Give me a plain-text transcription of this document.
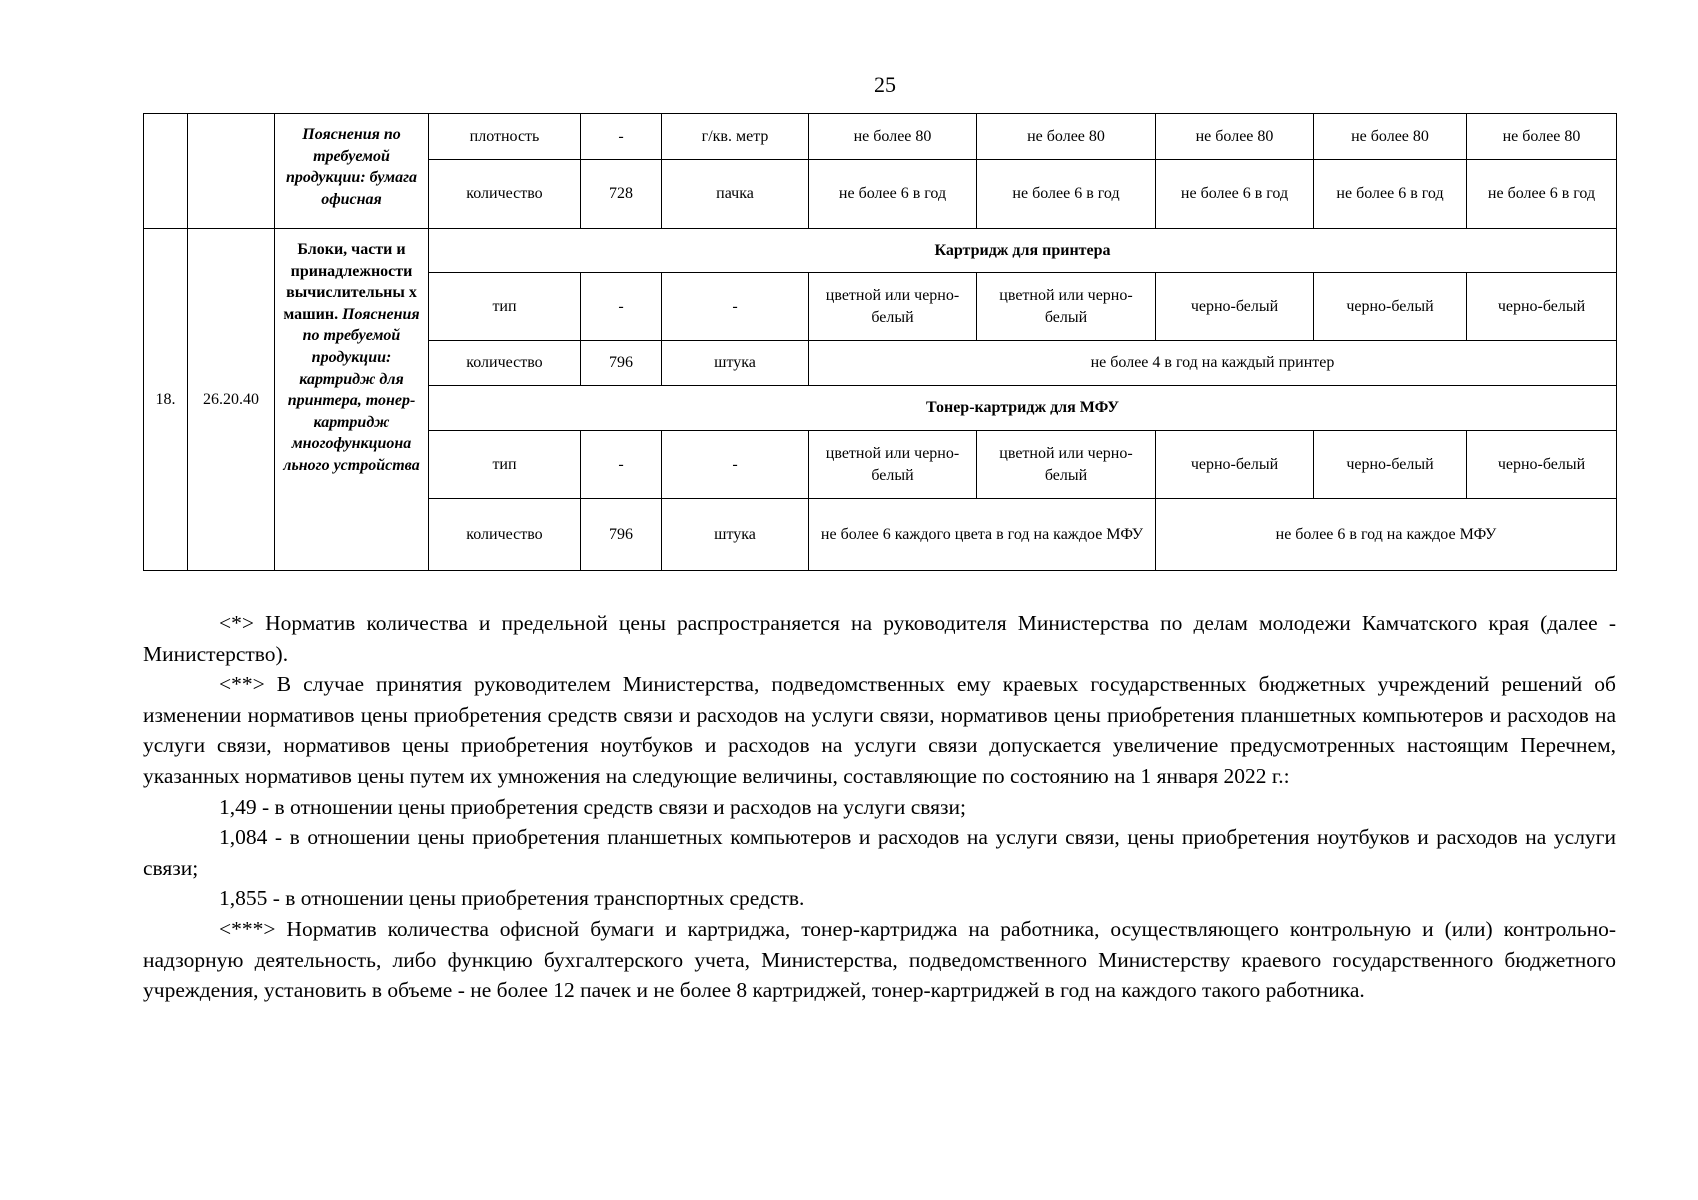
25
		Пояснения по требуемой продукции: бумага офисная	плотность	-	г/кв. метр	не более 80	не более 80	не более 80	не более 80	не более 80
			количество	728	пачка	не более 6 в год	не более 6 в год	не более 6 в год	не более 6 в год	не более 6 в год
18.	26.20.40	Блоки, части и принадлежности вычислительны х машин. Пояснения по требуемой продукции: картридж для принтера, тонер-картридж многофункциона льного устройства	Картридж для принтера							
			тип	-	-	цветной или черно-белый	цветной или черно-белый	черно-белый	черно-белый	черно-белый
			количество	796	штука	не более 4 в год на каждый принтер				
			Тонер-картридж для МФУ							
			тип	-	-	цветной или черно-белый	цветной или черно-белый	черно-белый	черно-белый	черно-белый
			количество	796	штука	не более 6 каждого цвета в год на каждое МФУ		не более 6 в год на каждое МФУ		

<*> Норматив количества и предельной цены распространяется на руководителя Министерства по делам молодежи Камчатского края (далее - Министерство).

<**> В случае принятия руководителем Министерства, подведомственных ему краевых государственных бюджетных учреждений решений об изменении нормативов цены приобретения средств связи и расходов на услуги связи, нормативов цены приобретения планшетных компьютеров и расходов на услуги связи, нормативов цены приобретения ноутбуков и расходов на услуги связи допускается увеличение предусмотренных настоящим Перечнем, указанных нормативов цены путем их умножения на следующие величины, составляющие по состоянию на 1 января 2022 г.:

1,49 - в отношении цены приобретения средств связи и расходов на услуги связи;

1,084 - в отношении цены приобретения планшетных компьютеров и расходов на услуги связи, цены приобретения ноутбуков и расходов на услуги связи;

1,855 - в отношении цены приобретения транспортных средств.

<***> Норматив количества офисной бумаги и картриджа, тонер-картриджа на работника, осуществляющего контрольную и (или) контрольно-надзорную деятельность, либо функцию бухгалтерского учета, Министерства, подведомственного Министерству краевого государственного бюджетного учреждения, установить в объеме - не более 12 пачек и не более 8 картриджей, тонер-картриджей в год на каждого такого работника.
